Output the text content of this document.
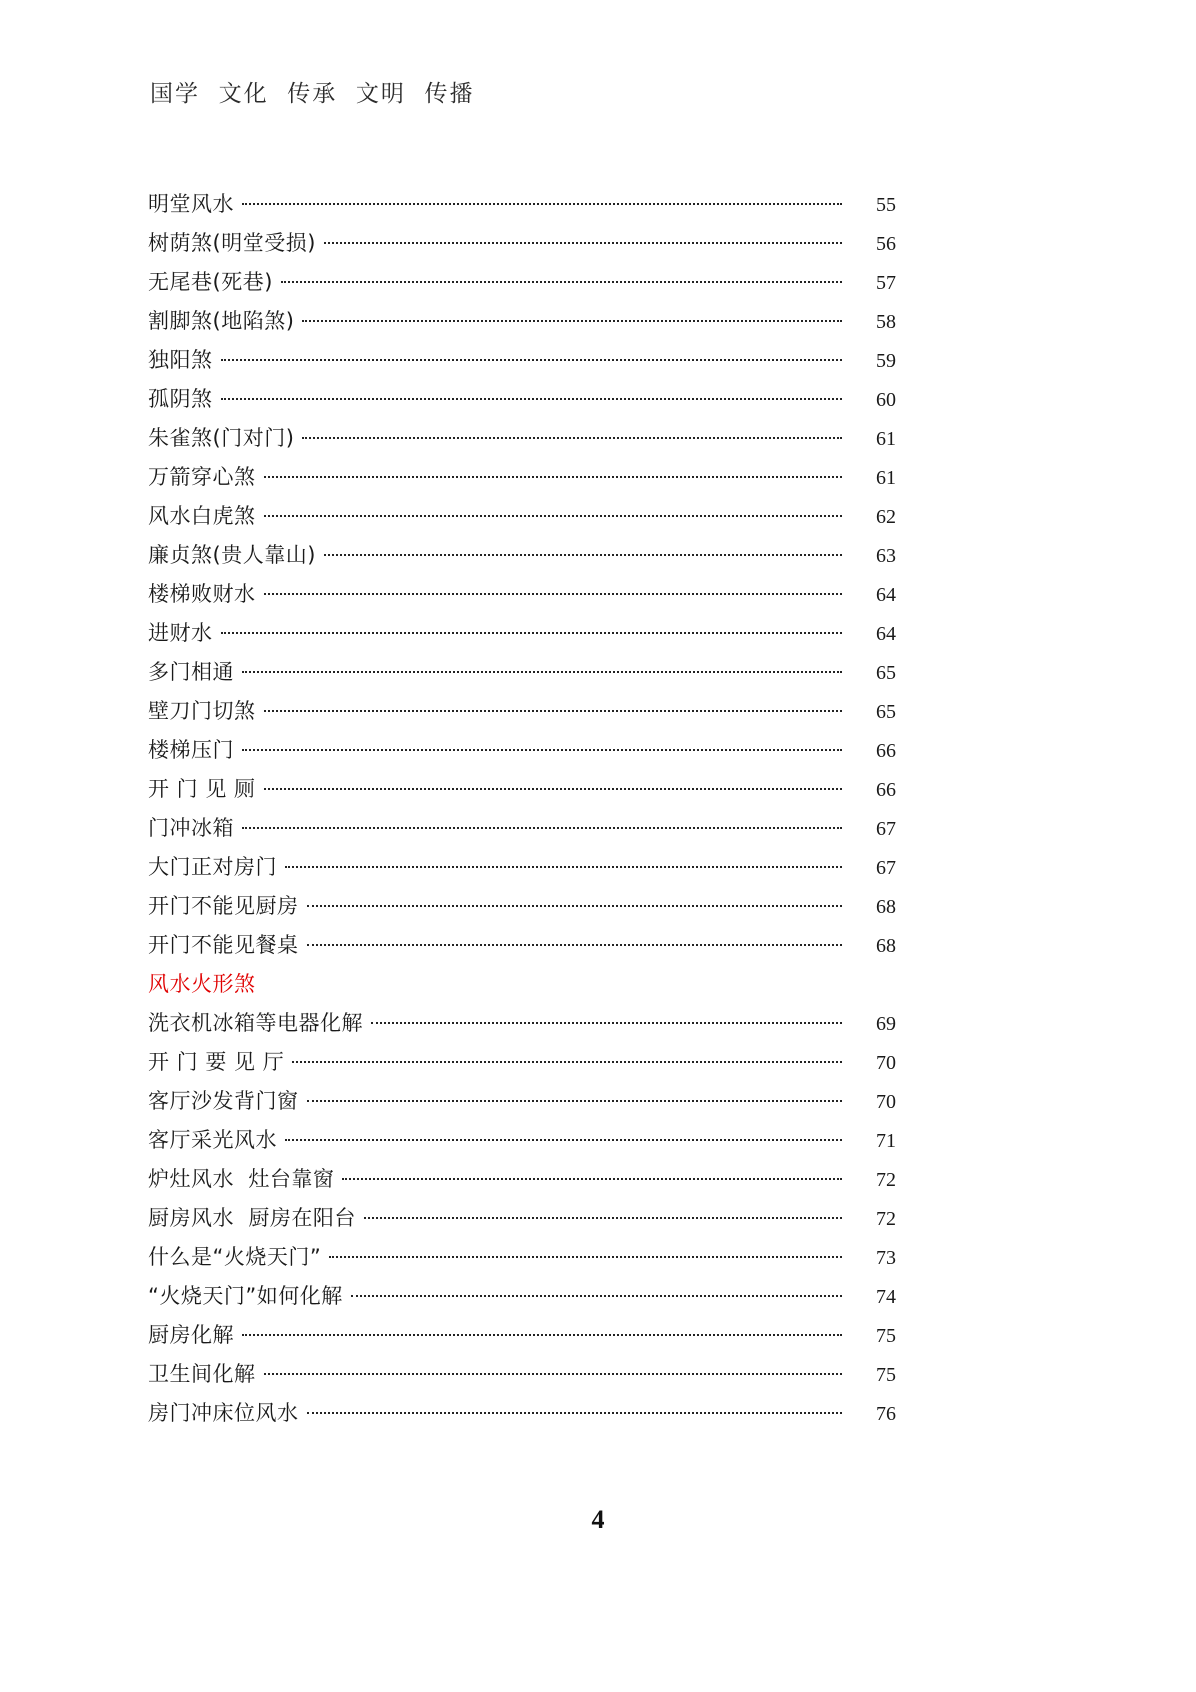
国学  文化  传承  文明  传播
明堂风水	55
树荫煞(明堂受损)	56
无尾巷(死巷)	57
割脚煞(地陷煞)	58
独阳煞	59
孤阴煞	60
朱雀煞(门对门)	61
万箭穿心煞	61
风水白虎煞	62
廉贞煞(贵人靠山)	63
楼梯败财水	64
进财水	64
多门相通	65
壁刀门切煞	65
楼梯压门	66
开 门 见 厕	66
门冲冰箱	67
大门正对房门	67
开门不能见厨房	68
开门不能见餐桌	68
风水火形煞
洗衣机冰箱等电器化解	69
开 门 要 见 厅	70
客厅沙发背门窗	70
客厅采光风水	71
炉灶风水  灶台靠窗	72
厨房风水  厨房在阳台	72
什么是“火烧天门”	73
“火烧天门”如何化解	74
厨房化解	75
卫生间化解	75
房门冲床位风水	76
4
